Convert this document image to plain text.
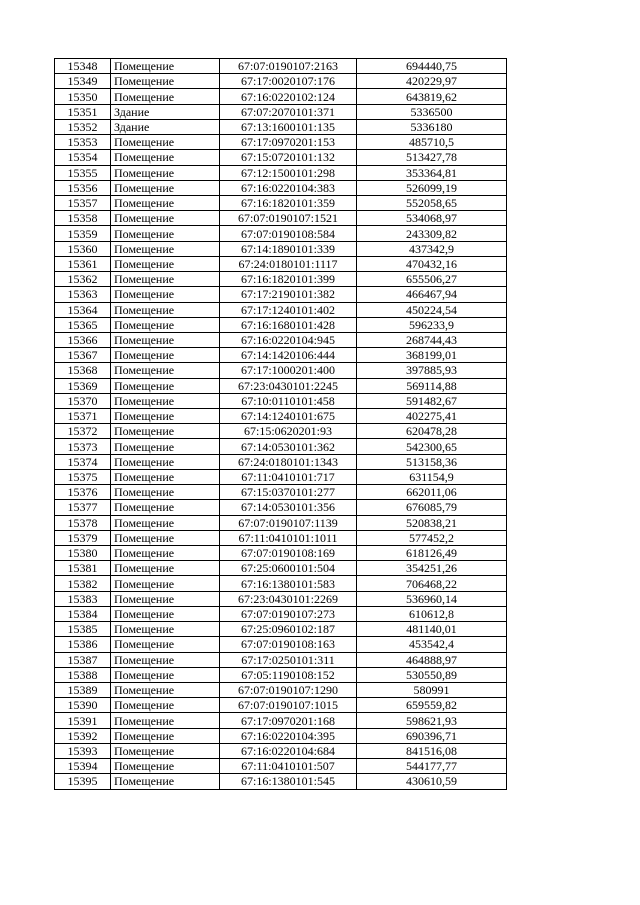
15348	Помещение	67:07:0190107:2163	694440,75
15349	Помещение	67:17:0020107:176	420229,97
15350	Помещение	67:16:0220102:124	643819,62
15351	Здание	67:07:2070101:371	5336500
15352	Здание	67:13:1600101:135	5336180
15353	Помещение	67:17:0970201:153	485710,5
15354	Помещение	67:15:0720101:132	513427,78
15355	Помещение	67:12:1500101:298	353364,81
15356	Помещение	67:16:0220104:383	526099,19
15357	Помещение	67:16:1820101:359	552058,65
15358	Помещение	67:07:0190107:1521	534068,97
15359	Помещение	67:07:0190108:584	243309,82
15360	Помещение	67:14:1890101:339	437342,9
15361	Помещение	67:24:0180101:1117	470432,16
15362	Помещение	67:16:1820101:399	655506,27
15363	Помещение	67:17:2190101:382	466467,94
15364	Помещение	67:17:1240101:402	450224,54
15365	Помещение	67:16:1680101:428	596233,9
15366	Помещение	67:16:0220104:945	268744,43
15367	Помещение	67:14:1420106:444	368199,01
15368	Помещение	67:17:1000201:400	397885,93
15369	Помещение	67:23:0430101:2245	569114,88
15370	Помещение	67:10:0110101:458	591482,67
15371	Помещение	67:14:1240101:675	402275,41
15372	Помещение	67:15:0620201:93	620478,28
15373	Помещение	67:14:0530101:362	542300,65
15374	Помещение	67:24:0180101:1343	513158,36
15375	Помещение	67:11:0410101:717	631154,9
15376	Помещение	67:15:0370101:277	662011,06
15377	Помещение	67:14:0530101:356	676085,79
15378	Помещение	67:07:0190107:1139	520838,21
15379	Помещение	67:11:0410101:1011	577452,2
15380	Помещение	67:07:0190108:169	618126,49
15381	Помещение	67:25:0600101:504	354251,26
15382	Помещение	67:16:1380101:583	706468,22
15383	Помещение	67:23:0430101:2269	536960,14
15384	Помещение	67:07:0190107:273	610612,8
15385	Помещение	67:25:0960102:187	481140,01
15386	Помещение	67:07:0190108:163	453542,4
15387	Помещение	67:17:0250101:311	464888,97
15388	Помещение	67:05:1190108:152	530550,89
15389	Помещение	67:07:0190107:1290	580991
15390	Помещение	67:07:0190107:1015	659559,82
15391	Помещение	67:17:0970201:168	598621,93
15392	Помещение	67:16:0220104:395	690396,71
15393	Помещение	67:16:0220104:684	841516,08
15394	Помещение	67:11:0410101:507	544177,77
15395	Помещение	67:16:1380101:545	430610,59
